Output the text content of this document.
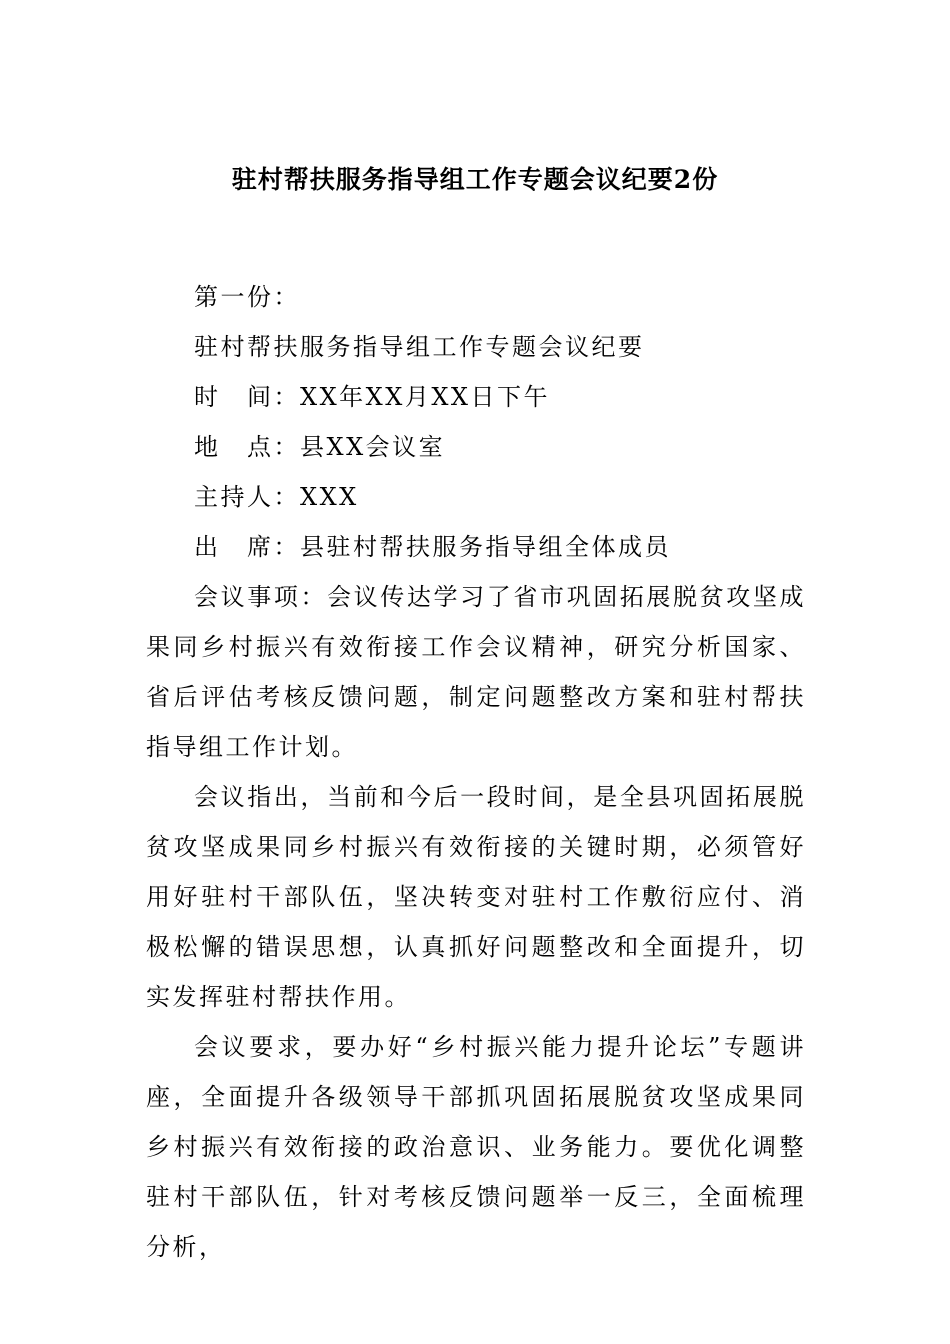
驻村帮扶服务指导组工作专题会议纪要2份

第一份：

驻村帮扶服务指导组工作专题会议纪要

时　间：XX年XX月XX日下午

地　点：县XX会议室

主持人：XXX

出　席：县驻村帮扶服务指导组全体成员

会议事项：会议传达学习了省市巩固拓展脱贫攻坚成果同乡村振兴有效衔接工作会议精神，研究分析国家、省后评估考核反馈问题，制定问题整改方案和驻村帮扶指导组工作计划。

会议指出，当前和今后一段时间，是全县巩固拓展脱贫攻坚成果同乡村振兴有效衔接的关键时期，必须管好用好驻村干部队伍，坚决转变对驻村工作敷衍应付、消极松懈的错误思想，认真抓好问题整改和全面提升，切实发挥驻村帮扶作用。

会议要求，要办好“乡村振兴能力提升论坛”专题讲座，全面提升各级领导干部抓巩固拓展脱贫攻坚成果同乡村振兴有效衔接的政治意识、业务能力。要优化调整驻村干部队伍，针对考核反馈问题举一反三，全面梳理分析，
